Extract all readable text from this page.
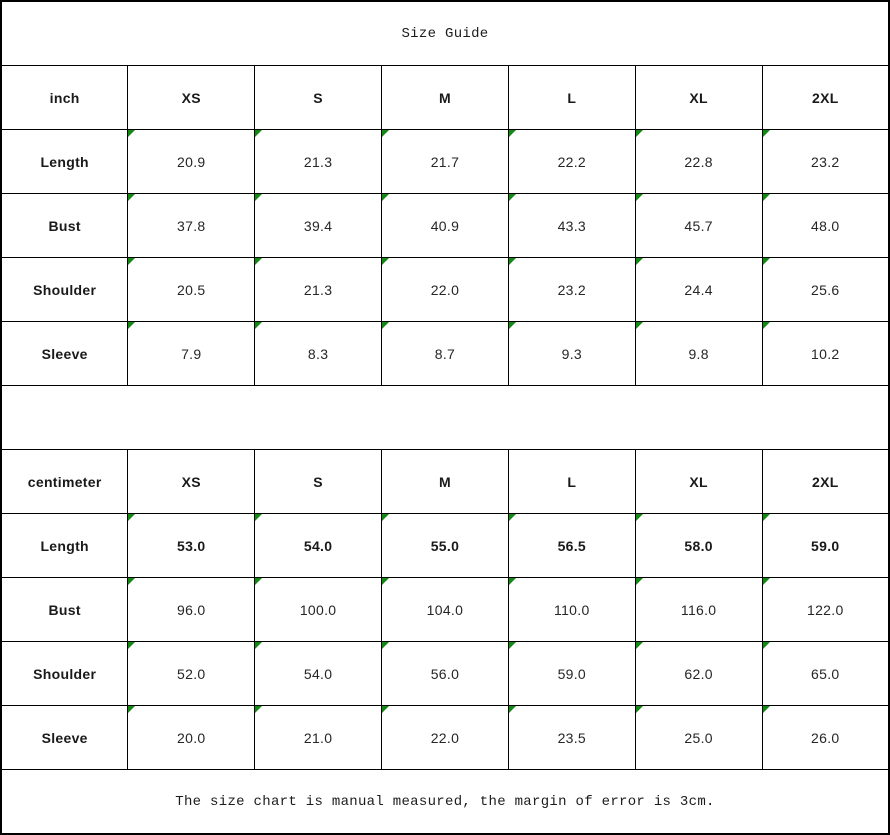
Size Guide						
inch	XS	S	M	L	XL	2XL
Length	20.9	21.3	21.7	22.2	22.8	23.2
Bust	37.8	39.4	40.9	43.3	45.7	48.0
Shoulder	20.5	21.3	22.0	23.2	24.4	25.6
Sleeve	7.9	8.3	8.7	9.3	9.8	10.2

centimeter	XS	S	M	L	XL	2XL
Length	53.0	54.0	55.0	56.5	58.0	59.0
Bust	96.0	100.0	104.0	110.0	116.0	122.0
Shoulder	52.0	54.0	56.0	59.0	62.0	65.0
Sleeve	20.0	21.0	22.0	23.5	25.0	26.0
The size chart is manual measured, the margin of error is 3cm.						
